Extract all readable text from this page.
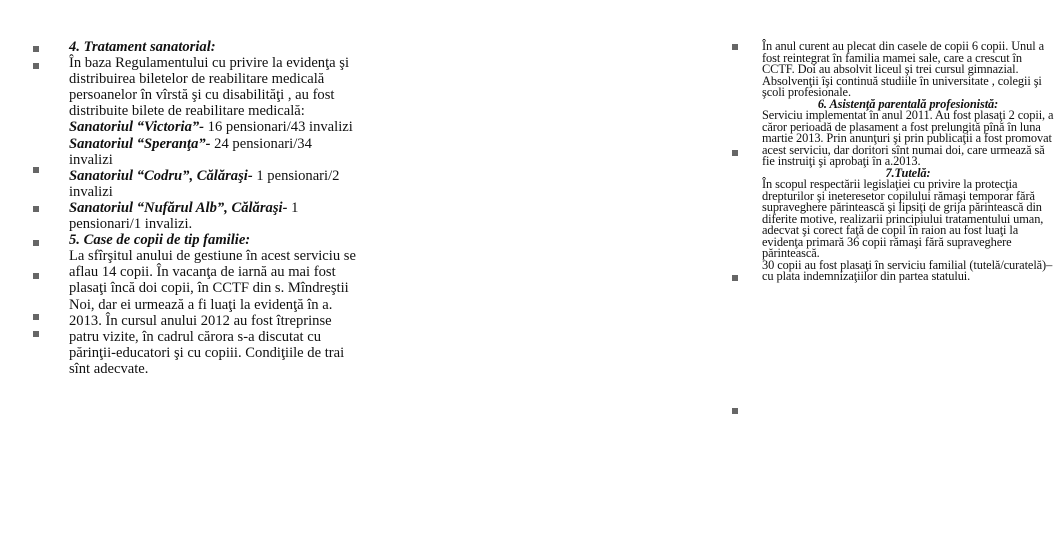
4. Tratament sanatorial:

În baza Regulamentului cu privire la evidenţa şi distribuirea biletelor de reabilitare medicală persoanelor în vîrstă şi cu disabilităţi , au fost distribuite bilete de reabilitare medicală:

Sanatoriul “Victoria”- 16 pensionari/43 invalizi

Sanatoriul “Speranţa”- 24 pensionari/34 invalizi

Sanatoriul “Codru”, Călăraşi- 1 pensionari/2 invalizi

Sanatoriul “Nufărul Alb”, Călăraşi- 1 pensionari/1 invalizi.

5. Case de copii de tip familie:

La sfîrşitul anului de gestiune în acest serviciu se aflau 14 copii. În vacanţa de iarnă au mai fost plasaţi încă doi copii, în CCTF din s. Mîndreştii Noi, dar ei urmează a fi luaţi la evidenţă în a. 2013. În cursul anului 2012 au fost îtreprinse patru vizite, în cadrul cărora s-a discutat cu părinţii-educatori şi cu copiii. Condiţiile de trai sînt adecvate.

În anul curent au plecat din casele de copii 6 copii. Unul a fost reintegrat în familia mamei sale, care a crescut în CCTF. Doi au absolvit liceul şi trei cursul gimnazial. Absolvenţii îşi continuă studiile în universitate , colegii şi şcoli profesionale.

6. Asistenţă parentală profesionistă:

Serviciu implementat în anul 2011. Au fost plasaţi 2 copii, a căror perioadă de plasament a fost prelungită pînă în luna martie 2013. Prin anunţuri şi prin publicaţii a fost promovat acest serviciu, dar doritori sînt numai doi, care urmează să fie instruiţi şi aprobaţi în a.2013.

7.Tutelă:

În scopul respectării legislaţiei cu privire la protecţia drepturilor şi ineteresetor copilului rămaşi temporar fără supraveghere părintească şi lipsiţi de grija părintească din diferite motive, realizarii principiului tratamentului uman, adecvat şi corect faţă de copil în raion au fost luaţi la evidenţa primară 36 copii rămaşi fără supraveghere părintească.

30 copii au fost plasaţi în serviciu familial (tutelă/curatelă)– cu plata indemnizaţiilor din partea statului.
